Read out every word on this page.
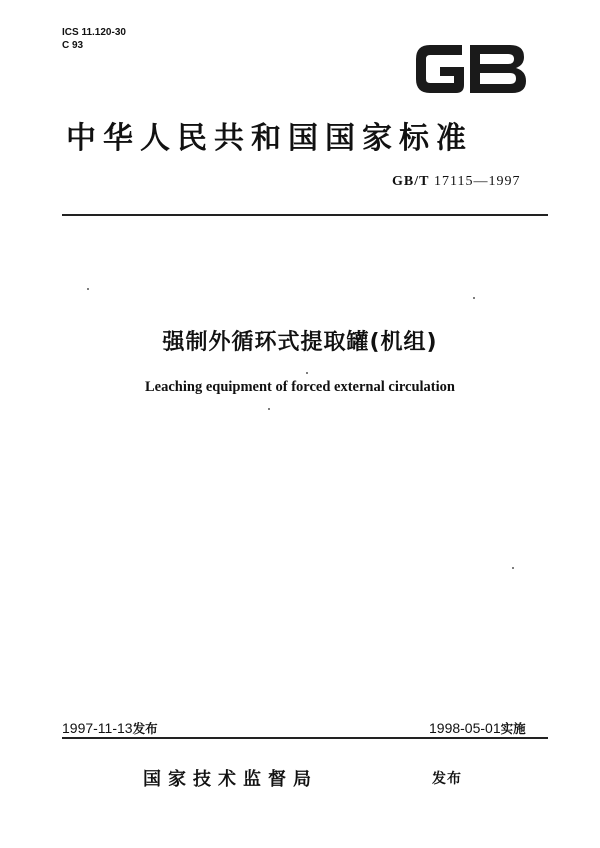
ICS 11.120-30
C 93
中华人民共和国国家标准
GB/T 17115—1997
强制外循环式提取罐(机组)
Leaching equipment of forced external circulation
1997-11-13发布	1998-05-01实施
国家技术监督局	发布
